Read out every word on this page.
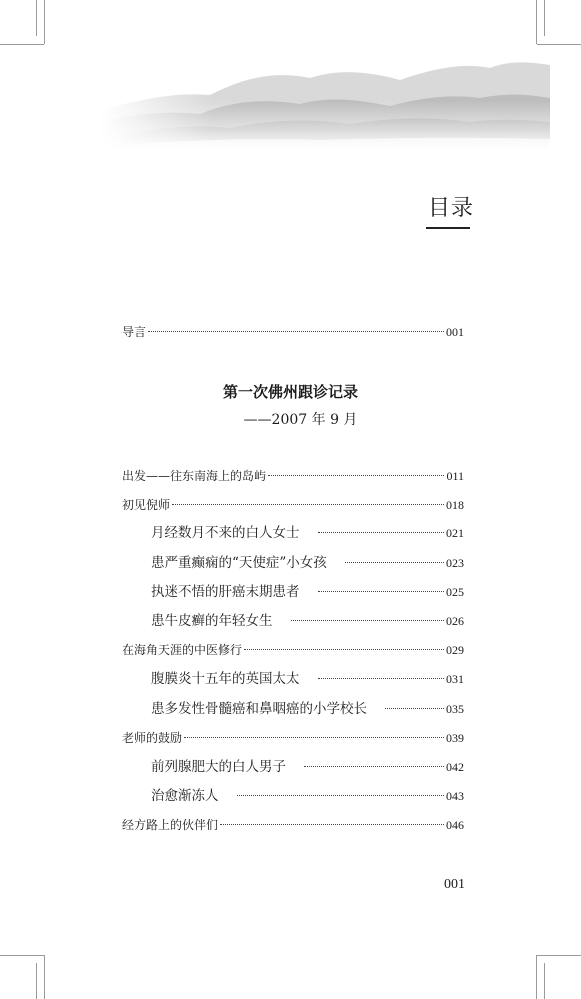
目录
导言	001
第一次佛州跟诊记录
——2007 年 9 月
出发——往东南海上的岛屿	011
初见倪师	018
月经数月不来的白人女士	021
患严重癫痫的“天使症”小女孩	023
执迷不悟的肝癌末期患者	025
患牛皮癣的年轻女生	026
在海角天涯的中医修行	029
腹膜炎十五年的英国太太	031
患多发性骨髓癌和鼻咽癌的小学校长	035
老师的鼓励	039
前列腺肥大的白人男子	042
治愈渐冻人	043
经方路上的伙伴们	046
001
